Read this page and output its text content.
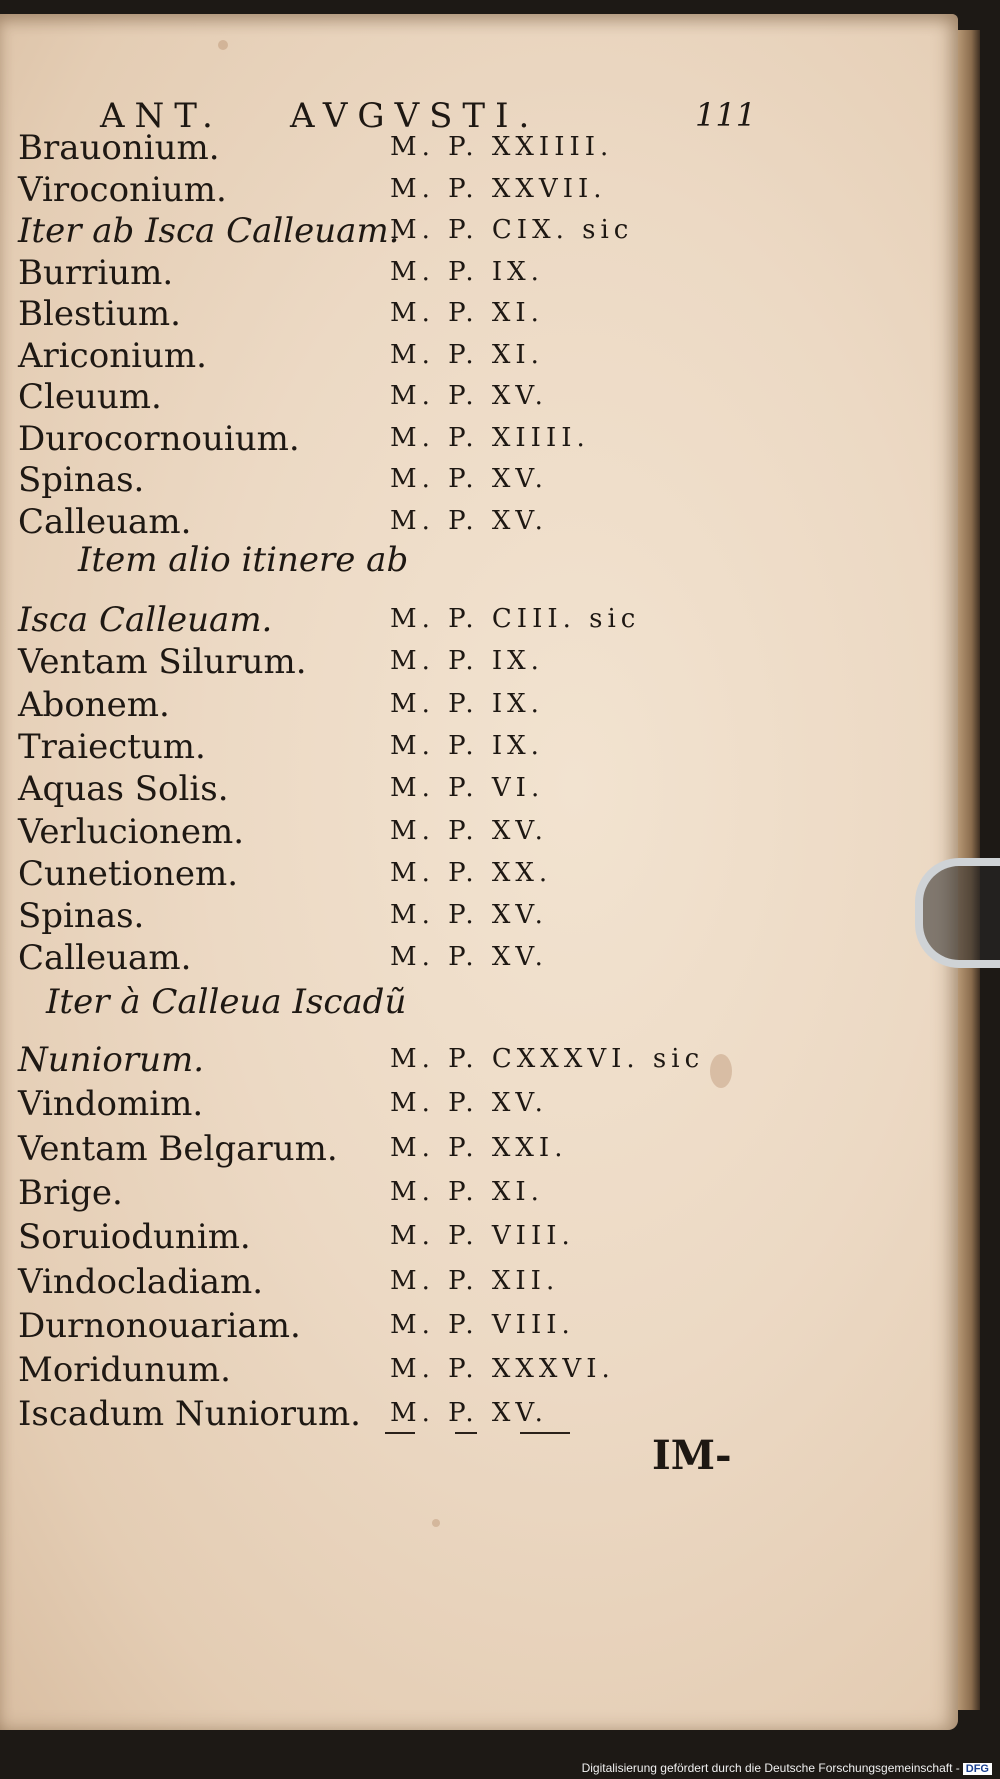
ANT. AVGVSTI.	111
Brauonium.	M. P. XXIIII.
Viroconium.	M. P. XXVII.
Iter ab Isca Calleuam.
M. P. CIX. sic
Burrium.	M. P. IX.
Blestium.	M. P. XI.
Ariconium.	M. P. XI.
Cleuum.	M. P. XV.
Durocornouium.	M. P. XIIII.
Spinas.	M. P. XV.
Calleuam.	M. P. XV.
Item alio itinere ab
Isca Calleuam.	M. P. CIII. sic
Ventam Silurum.	M. P. IX.
Abonem.	M. P. IX.
Traiectum.	M. P. IX.
Aquas Solis.	M. P. VI.
Verlucionem.	M. P. XV.
Cunetionem.	M. P. XX.
Spinas.	M. P. XV.
Calleuam.	M. P. XV.
Iter à Calleua Iscadũ
Nuniorum.	M. P. CXXXVI. sic
Vindomim.	M. P. XV.
Ventam Belgarum. M. P. XXI.
Brige.	M. P. XI.
Soruiodunim.	M. P. VIII.
Vindocladiam.	M. P. XII.
Durnonouariam.	M. P. VIII.
Moridunum.	M. P. XXXVI.
Iscadum Nuniorum. M. P. XV.
IM-
Digitalisierung gefördert durch die Deutsche Forschungsgemeinschaft - DFG
